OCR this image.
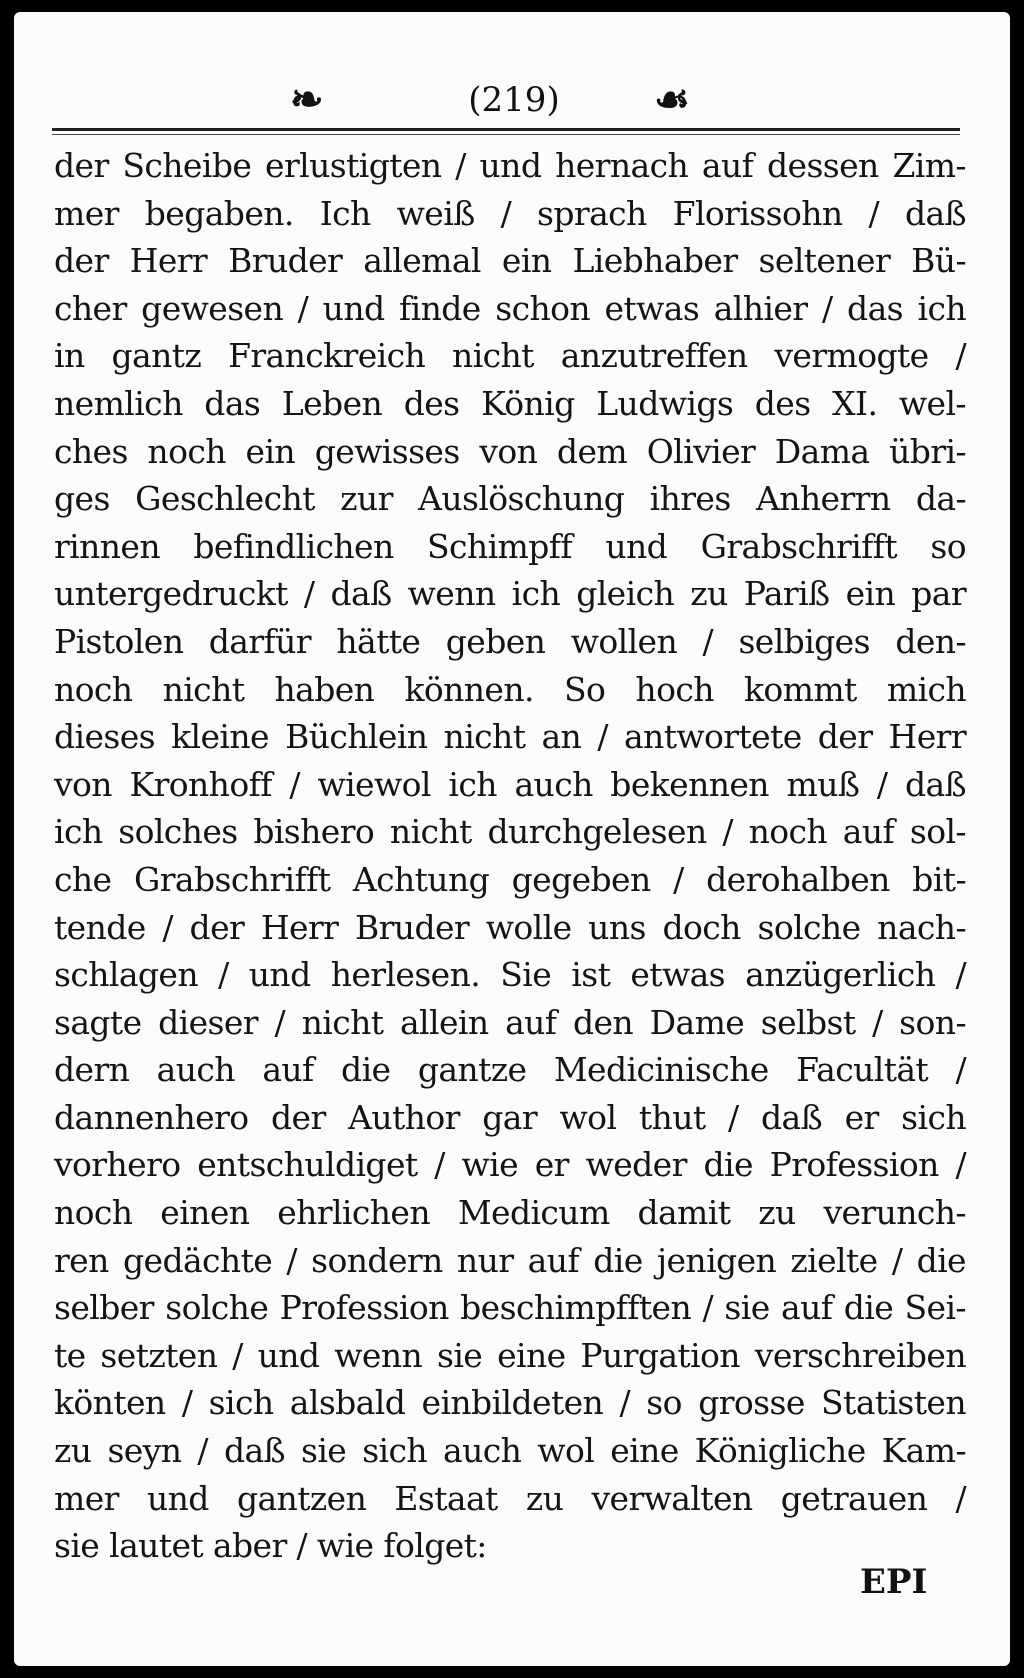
❧	(219)	☙
der Scheibe erlustigten / und hernach auf dessen Zim-
mer begaben. Ich weiß / sprach Florissohn / daß
der Herr Bruder allemal ein Liebhaber seltener Bü-
cher gewesen / und finde schon etwas alhier / das ich
in gantz Franckreich nicht anzutreffen vermogte /
nemlich das Leben des König Ludwigs des XI. wel-
ches noch ein gewisses von dem Olivier Dama übri-
ges Geschlecht zur Auslöschung ihres Anherrn da-
rinnen befindlichen Schimpff und Grabschrifft so
untergedruckt / daß wenn ich gleich zu Pariß ein par
Pistolen darfür hätte geben wollen / selbiges den-
noch nicht haben können. So hoch kommt mich
dieses kleine Büchlein nicht an / antwortete der Herr
von Kronhoff / wiewol ich auch bekennen muß / daß
ich solches bishero nicht durchgelesen / noch auf sol-
che Grabschrifft Achtung gegeben / derohalben bit-
tende / der Herr Bruder wolle uns doch solche nach-
schlagen / und herlesen. Sie ist etwas anzügerlich /
sagte dieser / nicht allein auf den Dame selbst / son-
dern auch auf die gantze Medicinische Facultät /
dannenhero der Author gar wol thut / daß er sich
vorhero entschuldiget / wie er weder die Profession /
noch einen ehrlichen Medicum damit zu verunch-
ren gedächte / sondern nur auf die jenigen zielte / die
selber solche Profession beschimpfften / sie auf die Sei-
te setzten / und wenn sie eine Purgation verschreiben
könten / sich alsbald einbildeten / so grosse Statisten
zu seyn / daß sie sich auch wol eine Königliche Kam-
mer und gantzen Estaat zu verwalten getrauen /
sie lautet aber / wie folget:
EPI
